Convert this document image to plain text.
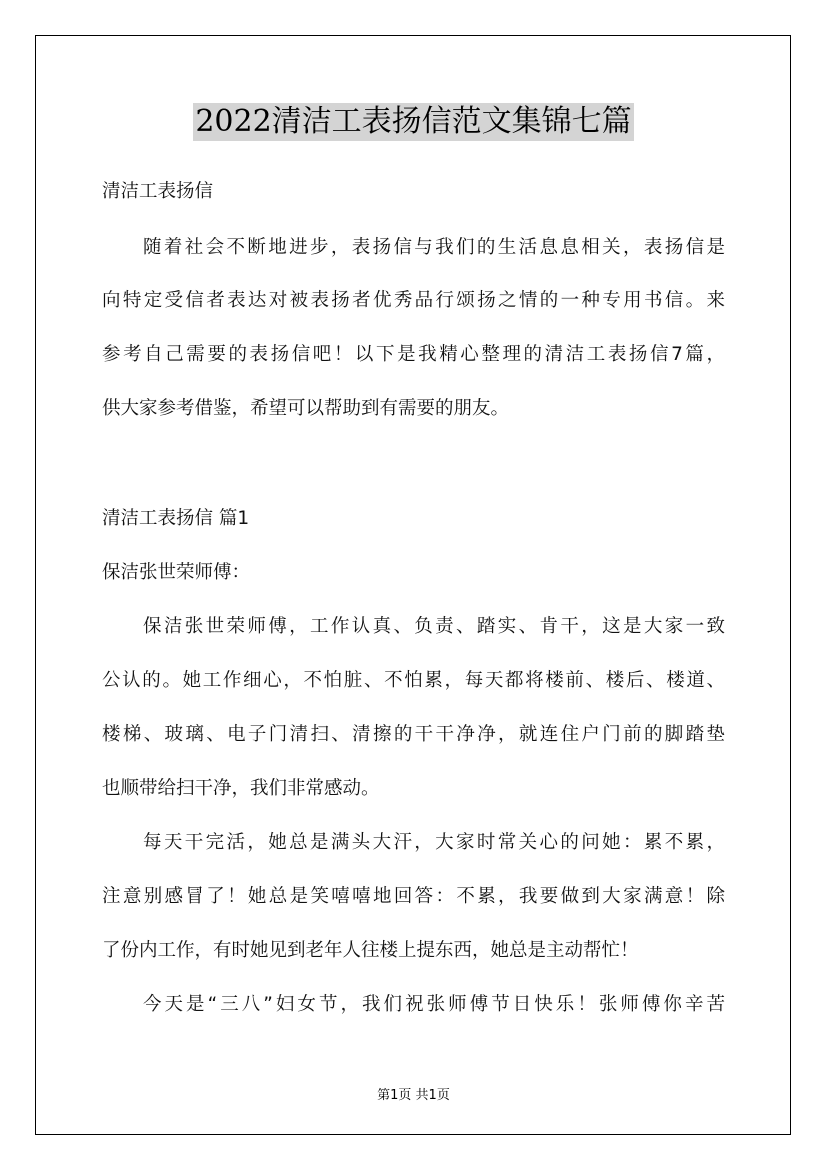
2022清洁工表扬信范文集锦七篇
清洁工表扬信
随着社会不断地进步，表扬信与我们的生活息息相关，表扬信是
向特定受信者表达对被表扬者优秀品行颂扬之情的一种专用书信。来
参考自己需要的表扬信吧！以下是我精心整理的清洁工表扬信7篇，
供大家参考借鉴，希望可以帮助到有需要的朋友。
清洁工表扬信 篇1
保洁张世荣师傅：
保洁张世荣师傅，工作认真、负责、踏实、肯干，这是大家一致
公认的。她工作细心，不怕脏、不怕累，每天都将楼前、楼后、楼道、
楼梯、玻璃、电子门清扫、清擦的干干净净，就连住户门前的脚踏垫
也顺带给扫干净，我们非常感动。
每天干完活，她总是满头大汗，大家时常关心的问她：累不累，
注意别感冒了！她总是笑嘻嘻地回答：不累，我要做到大家满意！除
了份内工作，有时她见到老年人往楼上提东西，她总是主动帮忙！
今天是“三八”妇女节，我们祝张师傅节日快乐！张师傅你辛苦
第1页 共1页
